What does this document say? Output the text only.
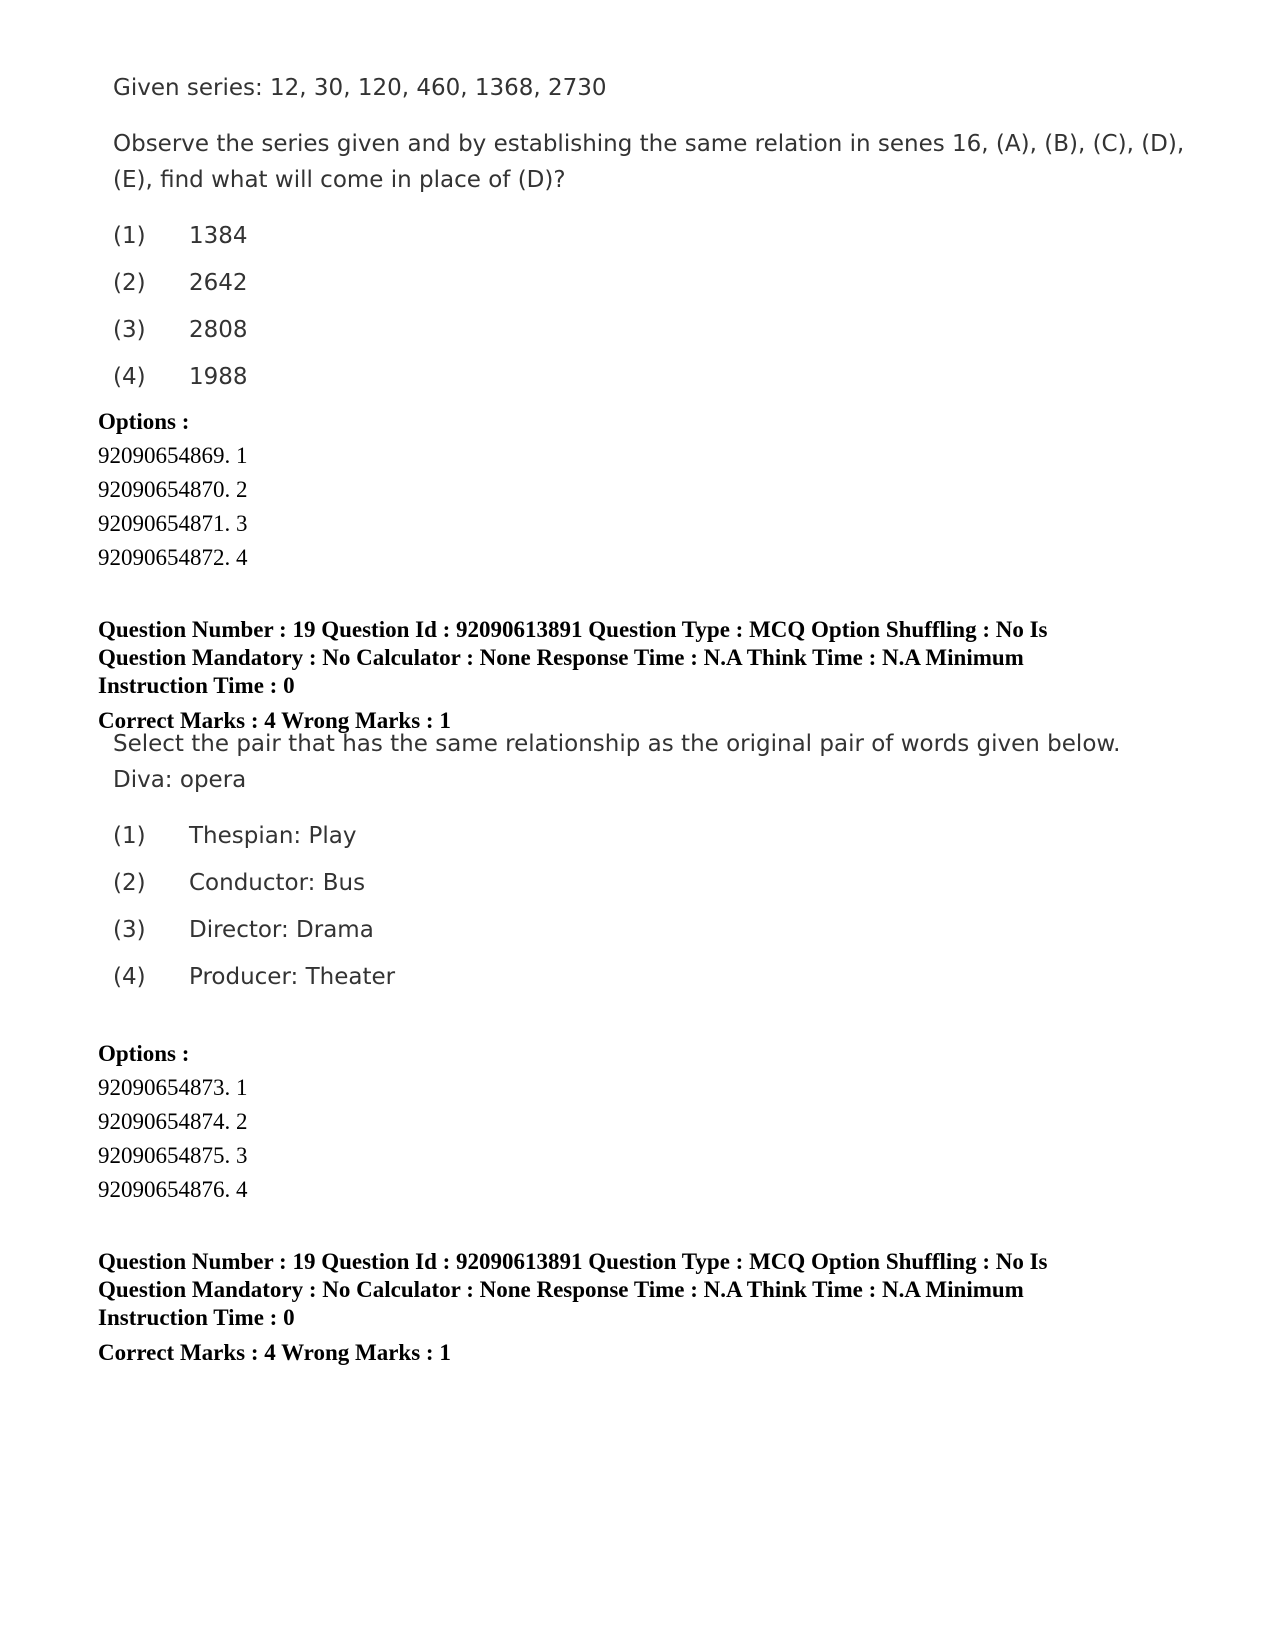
Given series: 12, 30, 120, 460, 1368, 2730
Observe the series given and by establishing the same relation in senes 16, (A), (B), (C), (D),
(E), find what will come in place of (D)?
(1)	1384
(2)	2642
(3)	2808
(4)	1988
Options :
92090654869. 1
92090654870. 2
92090654871. 3
92090654872. 4
Question Number : 19 Question Id : 92090613891 Question Type : MCQ Option Shuffling : No Is
Question Mandatory : No Calculator : None Response Time : N.A Think Time : N.A Minimum
Instruction Time : 0
Correct Marks : 4 Wrong Marks : 1
Select the pair that has the same relationship as the original pair of words given below.
Diva: opera
(1)	Thespian: Play
(2)	Conductor: Bus
(3)	Director: Drama
(4)	Producer: Theater
Options :
92090654873. 1
92090654874. 2
92090654875. 3
92090654876. 4
Question Number : 19 Question Id : 92090613891 Question Type : MCQ Option Shuffling : No Is
Question Mandatory : No Calculator : None Response Time : N.A Think Time : N.A Minimum
Instruction Time : 0
Correct Marks : 4 Wrong Marks : 1
